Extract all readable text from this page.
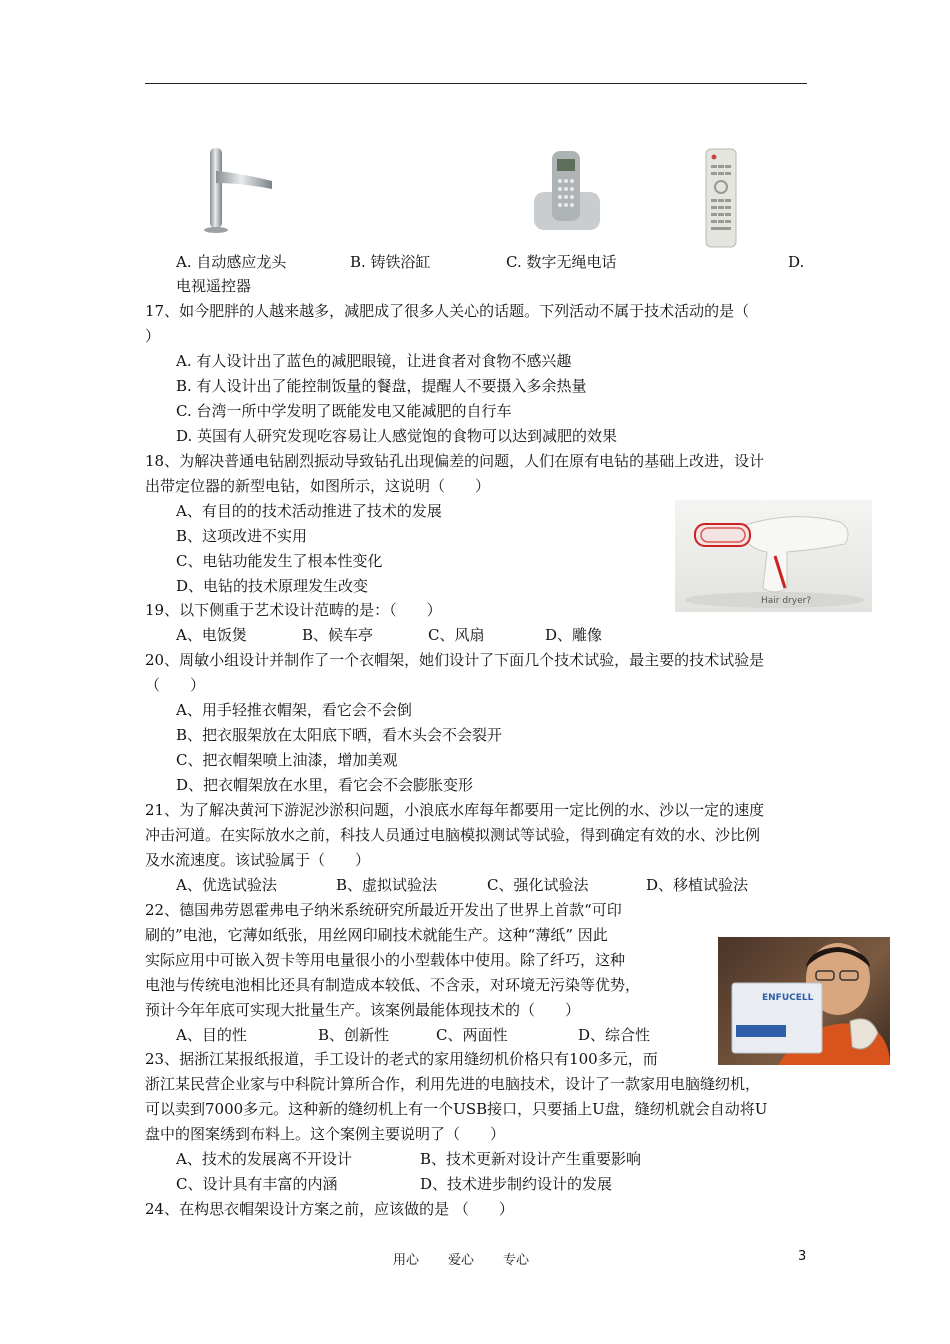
A. 自动感应龙头	B. 铸铁浴缸	C. 数字无绳电话	D.
电视遥控器
17、如今肥胖的人越来越多，减肥成了很多人关心的话题。下列活动不属于技术活动的是（
）
A. 有人设计出了蓝色的减肥眼镜，让进食者对食物不感兴趣
B. 有人设计出了能控制饭量的餐盘，提醒人不要摄入多余热量
C. 台湾一所中学发明了既能发电又能减肥的自行车
D. 英国有人研究发现吃容易让人感觉饱的食物可以达到减肥的效果
18、为解决普通电钻剧烈振动导致钻孔出现偏差的问题，人们在原有电钻的基础上改进，设计
出带定位器的新型电钻，如图所示，这说明（　　）
A、有目的的技术活动推进了技术的发展
B、这项改进不实用
C、电钻功能发生了根本性变化
D、电钻的技术原理发生改变
Hair dryer?
19、以下侧重于艺术设计范畴的是：（　　）
A、电饭煲	B、候车亭	C、风扇	D、雕像
20、周敏小组设计并制作了一个衣帽架，她们设计了下面几个技术试验，最主要的技术试验是
（　　）
A、用手轻推衣帽架，看它会不会倒
B、把衣服架放在太阳底下晒，看木头会不会裂开
C、把衣帽架喷上油漆，增加美观
D、把衣帽架放在水里，看它会不会膨胀变形
21、为了解决黄河下游泥沙淤积问题，小浪底水库每年都要用一定比例的水、沙以一定的速度
冲击河道。在实际放水之前，科技人员通过电脑模拟测试等试验，得到确定有效的水、沙比例
及水流速度。该试验属于（　　）
A、优选试验法	B、虚拟试验法	C、强化试验法	D、移植试验法
22、德国弗劳恩霍弗电子纳米系统研究所最近开发出了世界上首款“可印
刷的”电池，它薄如纸张，用丝网印刷技术就能生产。这种“薄纸” 因此
实际应用中可嵌入贺卡等用电量很小的小型载体中使用。除了纤巧，这种
电池与传统电池相比还具有制造成本较低、不含汞，对环境无污染等优势，
预计今年年底可实现大批量生产。该案例最能体现技术的（　　）
A、目的性	B、创新性	C、两面性	D、综合性
ENFUCELL
23、据浙江某报纸报道，手工设计的老式的家用缝纫机价格只有100多元，而
浙江某民营企业家与中科院计算所合作，利用先进的电脑技术，设计了一款家用电脑缝纫机，
可以卖到7000多元。这种新的缝纫机上有一个USB接口，只要插上U盘，缝纫机就会自动将U
盘中的图案绣到布料上。这个案例主要说明了（　　）
A、技术的发展离不开设计	B、技术更新对设计产生重要影响
C、设计具有丰富的内涵	D、技术进步制约设计的发展
24、在构思衣帽架设计方案之前，应该做的是 （　　）
用心 爱心 专心	3
